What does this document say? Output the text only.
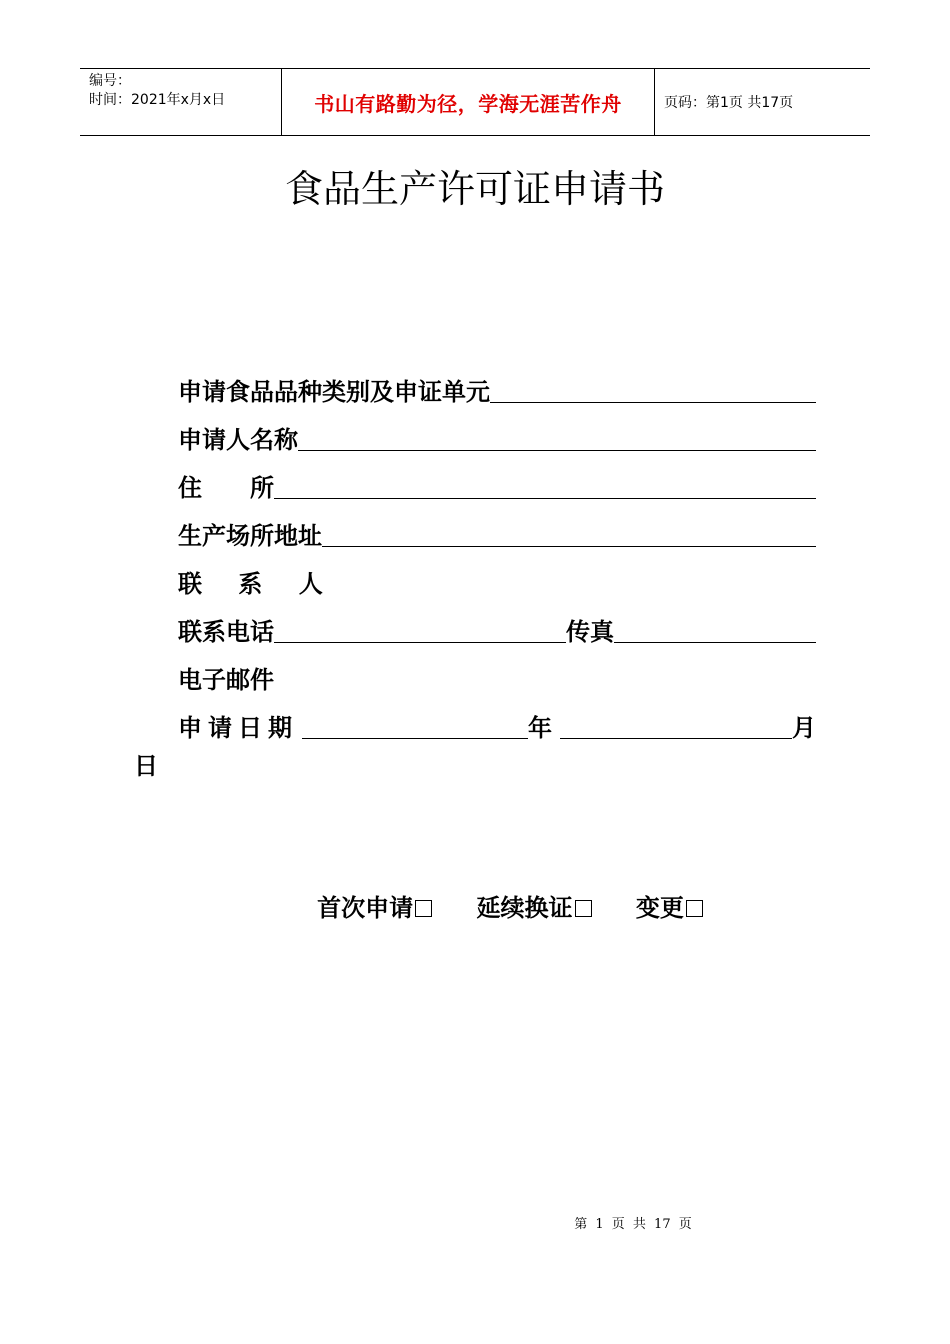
编号：
时间：2021年x月x日	书山有路勤为径，学海无涯苦作舟	页码：第1页 共17页
食品生产许可证申请书
申请食品品种类别及申证单元
申请人名称
住　　所
生产场所地址
联 系 人
联系电话	传真
电子邮件
申请日期	年	月
日
首次申请	延续换证	变更
第 1 页 共 17 页
